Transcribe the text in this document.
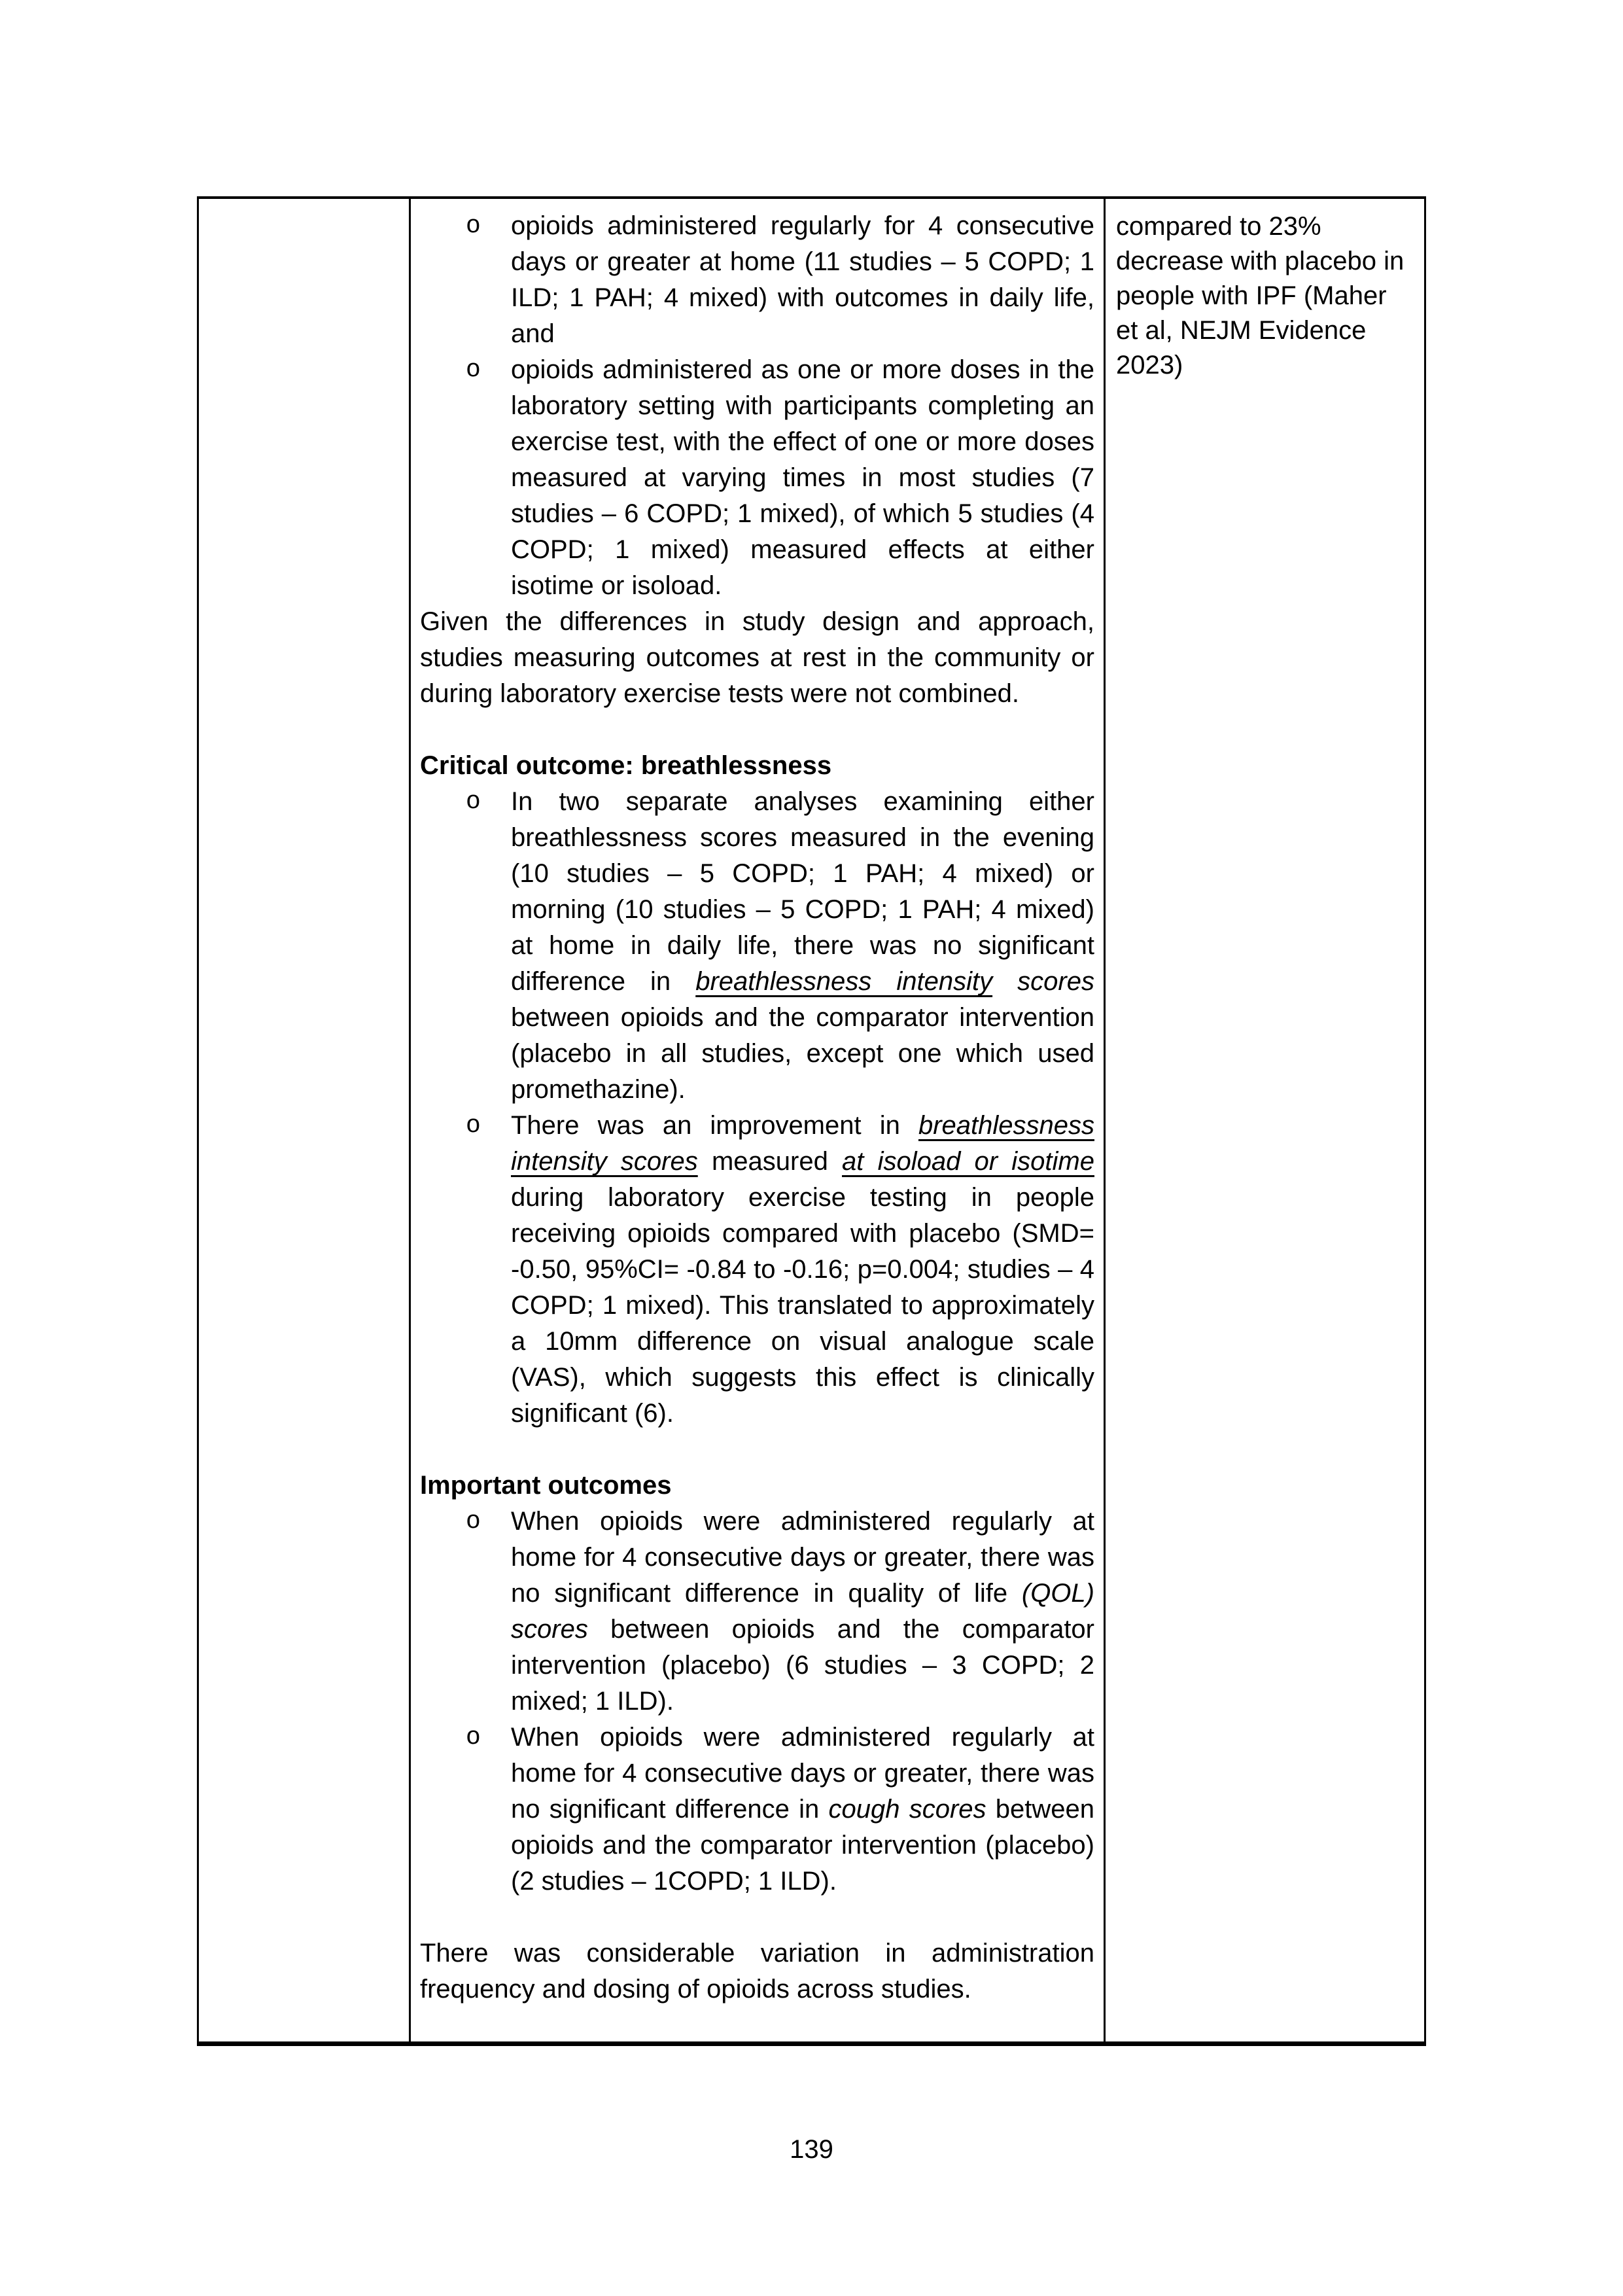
o opioids administered regularly for 4 consecutive days or greater at home (11 studies – 5 COPD; 1 ILD; 1 PAH; 4 mixed) with outcomes in daily life, and
o opioids administered as one or more doses in the laboratory setting with participants completing an exercise test, with the effect of one or more doses measured at varying times in most studies (7 studies – 6 COPD; 1 mixed), of which 5 studies (4 COPD; 1 mixed) measured effects at either isotime or isoload.
Given the differences in study design and approach, studies measuring outcomes at rest in the community or during laboratory exercise tests were not combined.
Critical outcome: breathlessness
o In two separate analyses examining either breathlessness scores measured in the evening (10 studies – 5 COPD; 1 PAH; 4 mixed) or morning (10 studies – 5 COPD; 1 PAH; 4 mixed) at home in daily life, there was no significant difference in breathlessness intensity scores between opioids and the comparator intervention (placebo in all studies, except one which used promethazine).
o There was an improvement in breathlessness intensity scores measured at isoload or isotime during laboratory exercise testing in people receiving opioids compared with placebo (SMD= -0.50, 95%CI= -0.84 to -0.16; p=0.004; studies – 4 COPD; 1 mixed). This translated to approximately a 10mm difference on visual analogue scale (VAS), which suggests this effect is clinically significant (6).
Important outcomes
o When opioids were administered regularly at home for 4 consecutive days or greater, there was no significant difference in quality of life (QOL) scores between opioids and the comparator intervention (placebo) (6 studies – 3 COPD; 2 mixed; 1 ILD).
o When opioids were administered regularly at home for 4 consecutive days or greater, there was no significant difference in cough scores between opioids and the comparator intervention (placebo) (2 studies – 1COPD; 1 ILD).
There was considerable variation in administration frequency and dosing of opioids across studies.

compared to 23% decrease with placebo in people with IPF (Maher et al, NEJM Evidence 2023)

139
